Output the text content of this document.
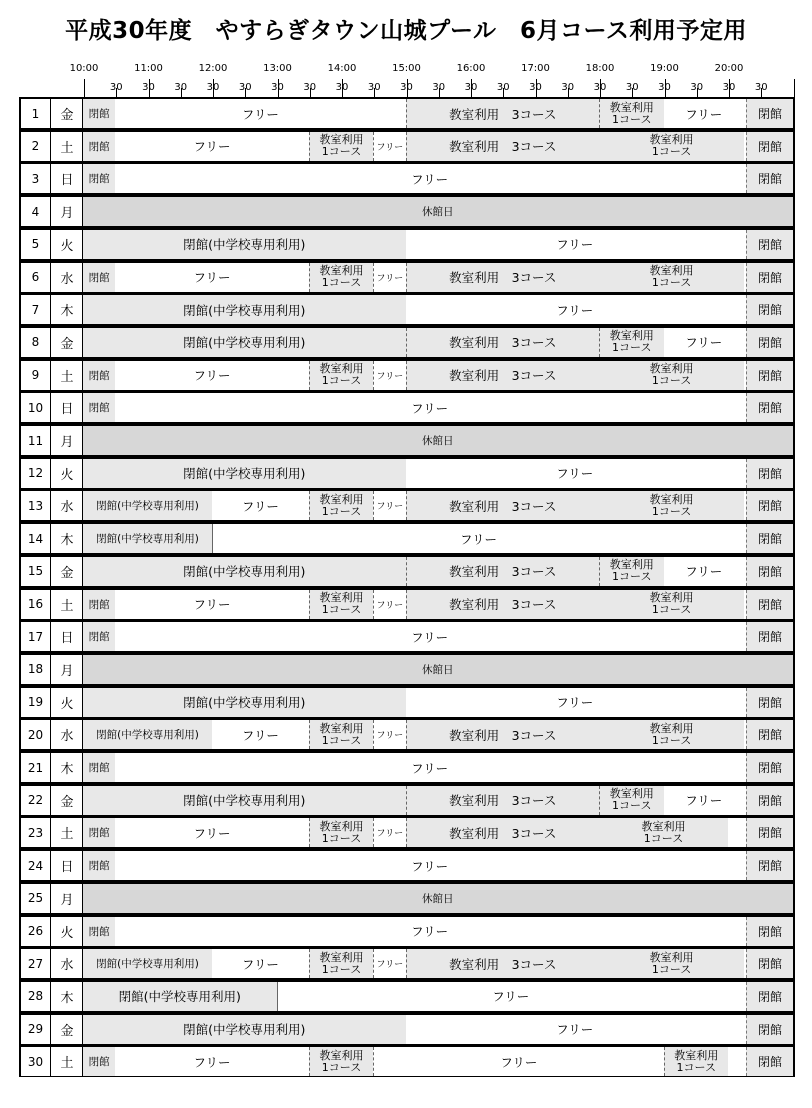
平成30年度　やすらぎタウン山城プール　6月コース利用予定用
10:00	11:00	12:00	13:00	14:00	15:00	16:00	17:00	18:00	19:00	20:00
30	30	30	30	30	30	30	30	30	30	30	30	30	30	30	30	30	30	30	30	30
1	金	閉館	フリー	教室利用　3コース	教室利用
1コース	フリー	閉館
2	土	閉館	フリー	教室利用
1コース	フリー	教室利用　3コース	教室利用
1コース	閉館
3	日	閉館	フリー	閉館
4	月	休館日
5	火	閉館(中学校専用利用)	フリー	閉館
6	水	閉館	フリー	教室利用
1コース	フリー	教室利用　3コース	教室利用
1コース	閉館
7	木	閉館(中学校専用利用)	フリー	閉館
8	金	閉館(中学校専用利用)	教室利用　3コース	教室利用
1コース	フリー	閉館
9	土	閉館	フリー	教室利用
1コース	フリー	教室利用　3コース	教室利用
1コース	閉館
10	日	閉館	フリー	閉館
11	月	休館日
12	火	閉館(中学校専用利用)	フリー	閉館
13	水	閉館(中学校専用利用)	フリー	教室利用
1コース	フリー	教室利用　3コース	教室利用
1コース	閉館
14	木	閉館(中学校専用利用)	フリー	閉館
15	金	閉館(中学校専用利用)	教室利用　3コース	教室利用
1コース	フリー	閉館
16	土	閉館	フリー	教室利用
1コース	フリー	教室利用　3コース	教室利用
1コース	閉館
17	日	閉館	フリー	閉館
18	月	休館日
19	火	閉館(中学校専用利用)	フリー	閉館
20	水	閉館(中学校専用利用)	フリー	教室利用
1コース	フリー	教室利用　3コース	教室利用
1コース	閉館
21	木	閉館	フリー	閉館
22	金	閉館(中学校専用利用)	教室利用　3コース	教室利用
1コース	フリー	閉館
23	土	閉館	フリー	教室利用
1コース	フリー	教室利用　3コース	教室利用
1コース	閉館
24	日	閉館	フリー	閉館
25	月	休館日
26	火	閉館	フリー	閉館
27	水	閉館(中学校専用利用)	フリー	教室利用
1コース	フリー	教室利用　3コース	教室利用
1コース	閉館
28	木	閉館(中学校専用利用)	フリー	閉館
29	金	閉館(中学校専用利用)	フリー	閉館
30	土	閉館	フリー	教室利用
1コース	フリー	教室利用
1コース	閉館
